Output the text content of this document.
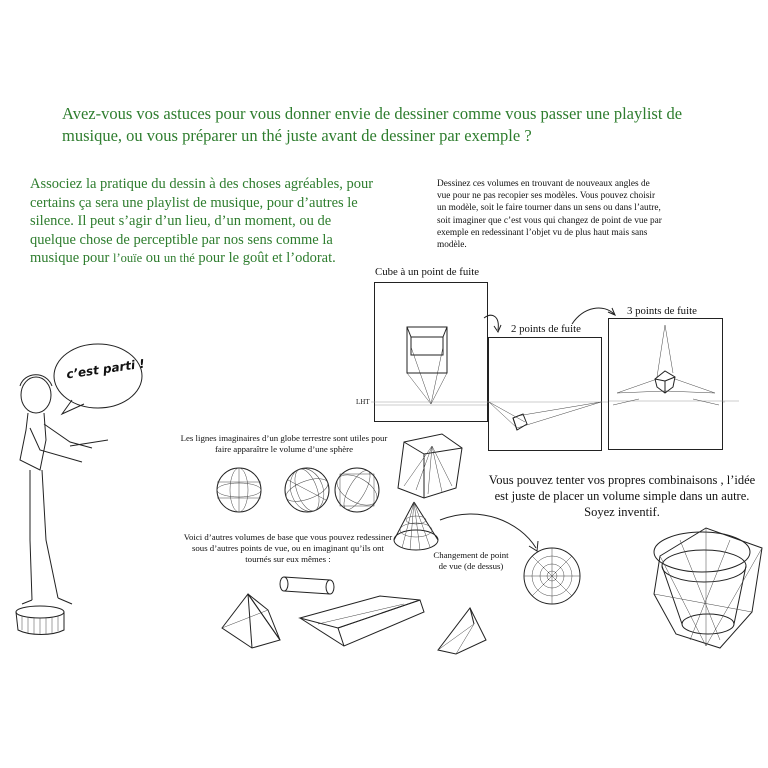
Avez-vous vos astuces pour vous donner envie de dessiner comme vous passer une playlist de musique, ou vous préparer un thé juste avant de dessiner par exemple ?
Associez la pratique du dessin à des choses agréables, pour certains ça sera une playlist de musique, pour d’autres le silence. Il peut s’agir d’un lieu, d’un moment, ou de quelque chose de perceptible par nos sens comme la musique pour l’ouïe ou un thé pour le goût et l’odorat.
Dessinez ces volumes en trouvant de nouveaux angles de vue pour ne pas recopier ses modèles. Vous pouvez choisir un modèle, soit le faire tourner dans un sens ou dans l’autre, soit imaginer que c’est vous qui changez de point de vue par exemple en redessinant l’objet vu de plus haut mais sans modèle.
Cube à un point de fuite
2 points de fuite
3 points de fuite
LHT
c’est parti !
Les lignes imaginaires d’un globe terrestre sont utiles pour faire apparaître le volume d’une sphère
Voici d’autres volumes de base que vous pouvez redessiner sous d’autres points de vue, ou en imaginant qu’ils ont tournés sur eux mêmes :	Changement de point de vue (de dessus)
Vous pouvez tenter vos propres combinaisons , l’idée est juste de placer un volume simple dans un autre. Soyez inventif.
